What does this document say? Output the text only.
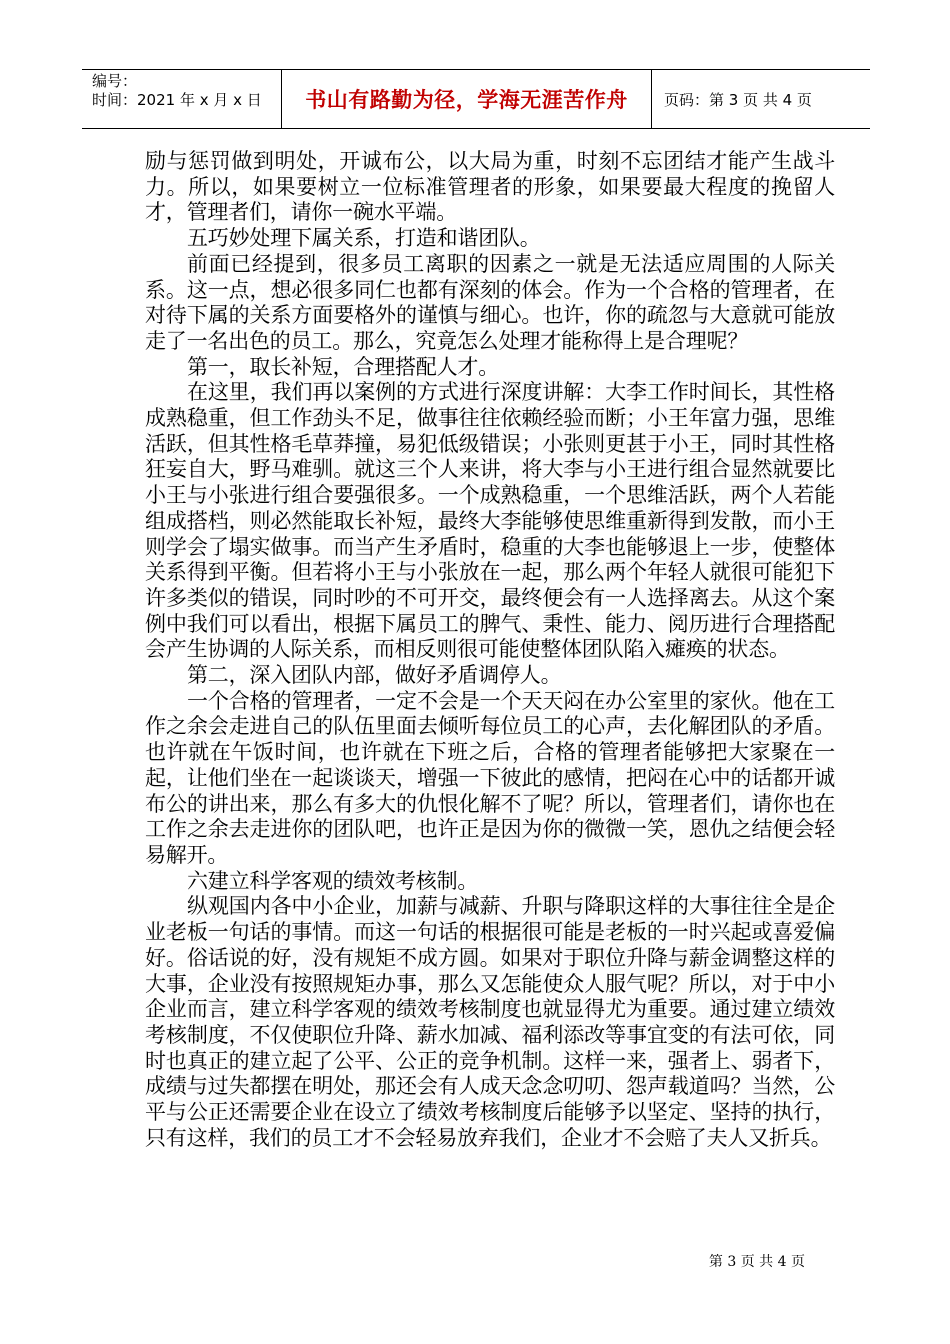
编号：
时间：2021 年 x 月 x 日	书山有路勤为径，学海无涯苦作舟	页码：第 3 页 共 4 页

励与惩罚做到明处，开诚布公，以大局为重，时刻不忘团结才能产生战斗力。所以，如果要树立一位标准管理者的形象，如果要最大程度的挽留人才，管理者们，请你一碗水平端。

五巧妙处理下属关系，打造和谐团队。

前面已经提到，很多员工离职的因素之一就是无法适应周围的人际关系。这一点，想必很多同仁也都有深刻的体会。作为一个合格的管理者，在对待下属的关系方面要格外的谨慎与细心。也许，你的疏忽与大意就可能放走了一名出色的员工。那么，究竟怎么处理才能称得上是合理呢？

第一，取长补短，合理搭配人才。

在这里，我们再以案例的方式进行深度讲解：大李工作时间长，其性格成熟稳重，但工作劲头不足，做事往往依赖经验而断；小王年富力强，思维活跃，但其性格毛草莽撞，易犯低级错误；小张则更甚于小王，同时其性格狂妄自大，野马难驯。就这三个人来讲，将大李与小王进行组合显然就要比小王与小张进行组合要强很多。一个成熟稳重，一个思维活跃，两个人若能组成搭档，则必然能取长补短，最终大李能够使思维重新得到发散，而小王则学会了塌实做事。而当产生矛盾时，稳重的大李也能够退上一步，使整体关系得到平衡。但若将小王与小张放在一起，那么两个年轻人就很可能犯下许多类似的错误，同时吵的不可开交，最终便会有一人选择离去。从这个案例中我们可以看出，根据下属员工的脾气、秉性、能力、阅历进行合理搭配会产生协调的人际关系，而相反则很可能使整体团队陷入瘫痪的状态。

第二，深入团队内部，做好矛盾调停人。

一个合格的管理者，一定不会是一个天天闷在办公室里的家伙。他在工作之余会走进自己的队伍里面去倾听每位员工的心声，去化解团队的矛盾。也许就在午饭时间，也许就在下班之后，合格的管理者能够把大家聚在一起，让他们坐在一起谈谈天，增强一下彼此的感情，把闷在心中的话都开诚布公的讲出来，那么有多大的仇恨化解不了呢？所以，管理者们，请你也在工作之余去走进你的团队吧，也许正是因为你的微微一笑，恩仇之结便会轻易解开。

六建立科学客观的绩效考核制。

纵观国内各中小企业，加薪与减薪、升职与降职这样的大事往往全是企业老板一句话的事情。而这一句话的根据很可能是老板的一时兴起或喜爱偏好。俗话说的好，没有规矩不成方圆。如果对于职位升降与薪金调整这样的大事，企业没有按照规矩办事，那么又怎能使众人服气呢？所以，对于中小企业而言，建立科学客观的绩效考核制度也就显得尤为重要。通过建立绩效考核制度，不仅使职位升降、薪水加减、福利添改等事宜变的有法可依，同时也真正的建立起了公平、公正的竞争机制。这样一来，强者上、弱者下，成绩与过失都摆在明处，那还会有人成天念念叨叨、怨声载道吗？当然，公平与公正还需要企业在设立了绩效考核制度后能够予以坚定、坚持的执行，只有这样，我们的员工才不会轻易放弃我们，企业才不会赔了夫人又折兵。

第 3 页 共 4 页
